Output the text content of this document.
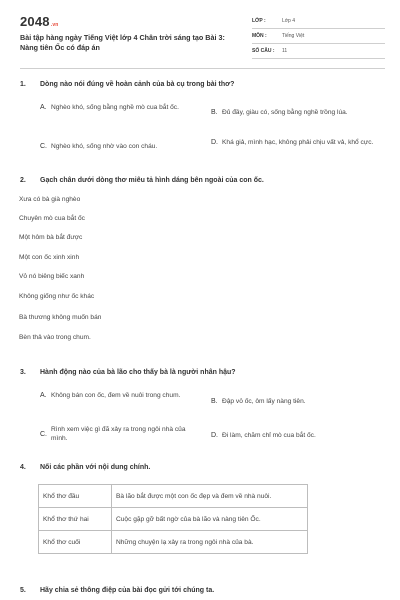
2048.vn
Bài tập hàng ngày Tiếng Việt lớp 4 Chân trời sáng tạo Bài 3: Nàng tiên Ốc có đáp án
LỚP :	Lớp 4
MÔN :	Tiếng Việt
SỐ CÂU :	11
1.	Dòng nào nói đúng về hoàn cảnh của bà cụ trong bài thơ?
A. Nghèo khó, sống bằng nghề mò cua bắt ốc.
B. Đủ đầy, giàu có, sống bằng nghề trồng lúa.
C. Nghèo khó, sống nhờ vào con cháu.
D. Khá giả, mình hạc, không phải chịu vất vả, khổ cực.
2.	Gạch chân dưới dòng thơ miêu tả hình dáng bên ngoài của con ốc.
Xưa có bà già nghèo
Chuyên mò cua bắt ốc
Một hôm bà bắt được
Một con ốc xinh xinh
Vỏ nó biêng biếc xanh
Không giống như ốc khác
Bà thương không muốn bán
Bèn thả vào trong chum.
3.	Hành động nào của bà lão cho thấy bà là người nhân hậu?
A. Không bán con ốc, đem về nuôi trong chum.
B. Đập vỏ ốc, ôm lấy nàng tiên.
C.
Rình xem việc gì đã xảy ra trong ngôi nhà của mình.	D. Đi làm, chăm chỉ mò cua bắt ốc.
4.	Nối các phần với nội dung chính.
Khổ thơ đầu	Bà lão bắt được một con ốc đẹp và đem về nhà nuôi.
Khổ thơ thứ hai	Cuộc gặp gỡ bất ngờ của bà lão và nàng tiên Ốc.
Khổ thơ cuối	Những chuyện lạ xảy ra trong ngôi nhà của bà.
5.	Hãy chia sẻ thông điệp của bài đọc gửi tới chúng ta.
